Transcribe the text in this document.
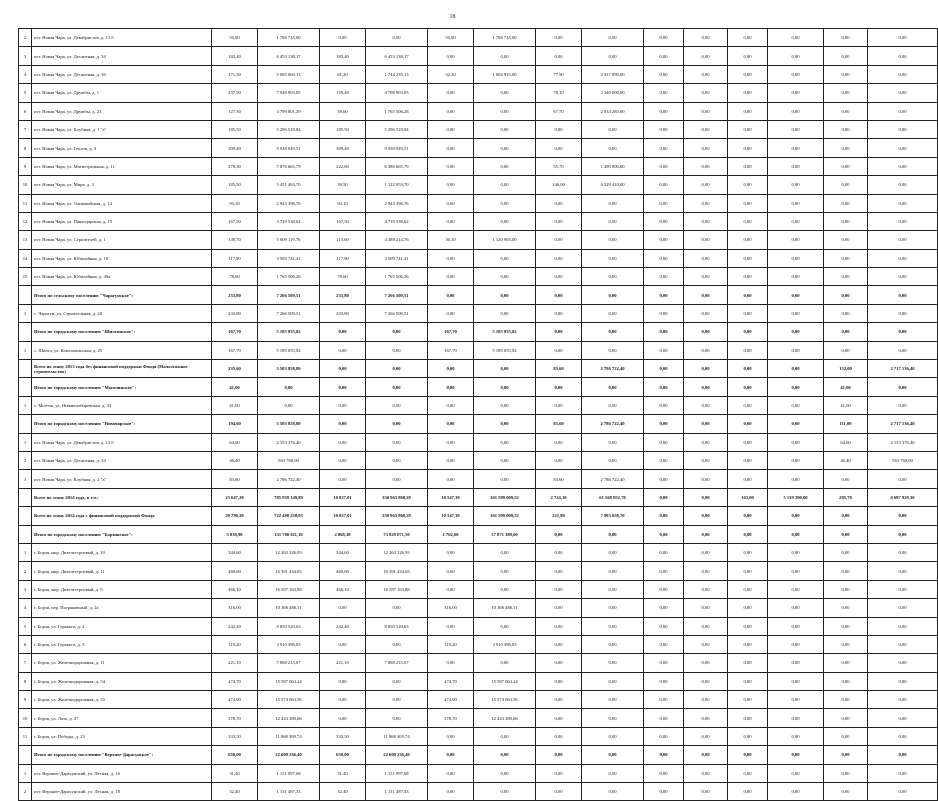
18
2	пгт. Новая Чара, ул. Декабристов, д. 13 б	56,90	1 766 745,00	0,00	0,00	56,90	1 766 745,00	0,00	0,00	0,00	0,00	0,00	0,00	0,00	0,00
3	пгт. Новая Чара, ул. Десантная, д. 34	183,40	6 453 138,17	183,40	6 453 138,17	0,00	0,00	0,00	0,00	0,00	0,00	0,00	0,00	0,00	0,00
4	пгт. Новая Чара, ул. Десантная, д. 36	171,50	5 085 060,13	61,30	1 744 235,13	32,30	1 002 915,00	77,90	2 337 890,00	0,00	0,00	0,00	0,00	0,00	0,00
5	пгт. Новая Чара, ул. Дружбы, д. 1	237,50	7 048 903,05	159,40	4 708 903,05	0,00	0,00	78,10	2 340 000,00	0,00	0,00	0,00	0,00	0,00	0,00
6	пгт. Новая Чара, ул. Дружбы, д. 23	127,30	3 799 801,29	59,60	1 765 506,28	0,00	0,00	67,70	2 034 285,00	0,00	0,00	0,00	0,00	0,00	0,00
7	пгт. Новая Чара, ул. Клубная, д. 1 "а"	185,50	5 296 518,84	185,50	5 296 518,84	0,00	0,00	0,00	0,00	0,00	0,00	0,00	0,00	0,00	0,00
8	пгт. Новая Чара, ул. Геолов, д. 3	309,40	9 938 049,51	309,40	9 938 049,51	0,00	0,00	0,00	0,00	0,00	0,00	0,00	0,00	0,00	0,00
9	пгт. Новая Чара, ул. Магистральная, д. 11	278,30	7 876 665,79	222,80	6 386 665,79	0,00	0,00	55,70	1 490 000,00	0,00	0,00	0,00	0,00	0,00	0,00
10	пгт. Новая Чара, ул. Мира, д. 3	185,50	5 451 463,70	39,50	1 122 053,70	0,00	0,00	146,00	4 329 410,00	0,00	0,00	0,00	0,00	0,00	0,00
11	пгт. Новая Чара, ул. Олимпийская, д. 14	93,10	2 943 396,76	93,10	2 943 396,76	0,00	0,00	0,00	0,00	0,00	0,00	0,00	0,00	0,00	0,00
12	пгт. Новая Чара, ул. Павлодарская, д. 15	167,50	4 719 538,62	167,50	4 719 538,62	0,00	0,00	0,00	0,00	0,00	0,00	0,00	0,00	0,00	0,00
13	пгт. Новая Чара, ул. Строителей, д. 1	149,70	5 609 119,76	113,60	4 488 214,76	36,10	1 120 905,00	0,00	0,00	0,00	0,00	0,00	0,00	0,00	0,00
14	пгт. Новая Чара, ул. Юбилейная, д. 18	117,90	3 509 741,41	117,90	3 509 741,41	0,00	0,00	0,00	0,00	0,00	0,00	0,00	0,00	0,00	0,00
15	пгт. Новая Чара, ул. Юбилейная, д. 39а	78,60	1 765 506,26	78,60	1 765 506,26	0,00	0,00	0,00	0,00	0,00	0,00	0,00	0,00	0,00	0,00
	Итого по сельскому поселению "Чарагунское":	233,80	7 266 509,51	233,80	7 266 509,51	0,00	0,00	0,00	0,00	0,00	0,00	0,00	0,00	0,00	0,00
1	с. Чарагун, ул. Строительная, д. 20	233,80	7 266 509,51	233,80	7 266 509,51	0,00	0,00	0,00	0,00	0,00	0,00	0,00	0,00	0,00	0,00
	Итого по городскому поселению "Шилгинское":	167,70	5 185 055,02	0,00	0,00	167,70	5 185 055,02	0,00	0,00	0,00	0,00	0,00	0,00	0,00	0,00
1	с. Шилга, ул. Комсомольская, д. 25	167,70	5 185 055,02	0,00	0,00	167,70	5 185 055,02	0,00	0,00	0,00	0,00	0,00	0,00	0,00	0,00
	Всего по этапу 2013 года без финансовой поддержки Фонда (Малоэтажное строительство)	235,60	5 503 858,80	0,00	0,00	0,00	0,00	83,60	2 786 722,40	0,00	0,00	0,00	0,00	152,00	2 717 136,40
	Итого по городскому поселению "Могочинское":	41,00	0,00	0,00	0,00	0,00	0,00	0,00	0,00	0,00	0,00	0,00	0,00	41,00	0,00
1	с. Могоча, ул. Нижнеилбиревская, д. 33	41,00	0,00	0,00	0,00	0,00	0,00	0,00	0,00	0,00	0,00	0,00	0,00	41,00	0,00
	Итого по городскому поселению "Новочарское":	194,60	5 503 858,80	0,00	0,00	0,00	0,00	83,60	2 786 722,40	0,00	0,00	0,00	0,00	111,00	2 717 136,40
1	пгт. Новая Чара, ул. Декабристов, д. 13 б	64,60	2 153 376,40	0,00	0,00	0,00	0,00	0,00	0,00	0,00	0,00	0,00	0,00	64,60	2 153 376,40
2	пгт. Новая Чара, ул. Десантная, д. 34	46,40	563 760,00	0,00	0,00	0,00	0,00	0,00	0,00	0,00	0,00	0,00	0,00	46,40	563 760,00
3	пгт. Новая Чара, ул. Клубная, д. 2 "а"	83,60	2 786 722,40	0,00	0,00	0,00	0,00	83,60	2 786 722,40	0,00	0,00	0,00	0,00	0,00	0,00
	Всего по этапу 2014 года, в т.ч.:	23 647,20	785 939 149,89	10 027,01	350 963 868,29	10 547,39	361 599 009,52	2 724,10	61 568 952,78	0,00	0,00	163,00	5 139 390,00	285,70	6 687 929,30
	Всего по этапу 2014 года с финансовой поддержкой Фонда	20 796,20	722 490 238,03	10 027,01	350 963 868,29	10 547,39	361 599 009,52	221,80	7 893 658,70	0,00	0,00	0,00	0,00	0,00	0,00
	Итого по городскому поселению "Борзинское":	3 830,90	131 700 611,10	2 068,30	73 829 071,50	1 762,60	57 871 389,60	0,00	0,00	0,00	0,00	0,00	0,00	0,00	0,00
1	г. Борзя, мкр. Дизелестроевый, д. 10	344,60	12 263 326,93	344,60	12 263 326,93	0,00	0,00	0,00	0,00	0,00	0,00	0,00	0,00	0,00	0,00
2	г. Борзя, мкр. Дизелестроевый, д. 11	460,60	16 391 434,65	460,60	16 391 434,65	0,00	0,00	0,00	0,00	0,00	0,00	0,00	0,00	0,00	0,00
3	г. Борзя, мкр. Дизелестроевый, д. 9	466,10	16 587 163,88	466,10	16 587 163,88	0,00	0,00	0,00	0,00	0,00	0,00	0,00	0,00	0,00	0,00
4	г. Борзя, пер. Пограничный, д. 2а	316,00	10 366 486,11	0,00	0,00	316,00	10 366 486,11	0,00	0,00	0,00	0,00	0,00	0,00	0,00	0,00
5	г. Борзя, ул. Горького, д. 2	242,40	8 850 520,63	242,40	8 850 520,63	0,00	0,00	0,00	0,00	0,00	0,00	0,00	0,00	0,00	0,00
6	г. Борзя, ул. Горького, д. 5	119,20	3 910 396,03	0,00	0,00	119,20	3 910 396,03	0,00	0,00	0,00	0,00	0,00	0,00	0,00	0,00
7	г. Борзя, ул. Железнодорожная, д. 11	221,10	7 868 215,67	221,10	7 868 215,67	0,00	0,00	0,00	0,00	0,00	0,00	0,00	0,00	0,00	0,00
8	г. Борзя, ул. Железнодорожная, д. 54	474,70	15 597 063,24	0,00	0,00	474,70	15 597 063,24	0,00	0,00	0,00	0,00	0,00	0,00	0,00	0,00
9	г. Борзя, ул. Железнодорожная, д. 55	474,00	15 574 063,56	0,00	0,00	474,00	15 574 063,56	0,00	0,00	0,00	0,00	0,00	0,00	0,00	0,00
10	г. Борзя, ул. Лазо, д. 47	378,70	12 423 380,66	0,00	0,00	378,70	12 423 380,66	0,00	0,00	0,00	0,00	0,00	0,00	0,00	0,00
11	г. Борзя, ул. Победы, д. 23	333,50	11 868 309,74	333,50	11 868 309,74	0,00	0,00	0,00	0,00	0,00	0,00	0,00	0,00	0,00	0,00
	Итого по городскому поселению "Верхнее-Дарасунское":	650,00	22 609 236,40	650,00	22 609 236,40	0,00	0,00	0,00	0,00	0,00	0,00	0,00	0,00	0,00	0,00
1	пгт. Верхнее-Дарасунский, ул. Лесная, д. 16	31,40	1 151 997,68	31,40	1 151 997,68	0,00	0,00	0,00	0,00	0,00	0,00	0,00	0,00	0,00	0,00
2	пгт. Верхнее-Дарасунский, ул. Лесная, д. 18	32,40	1 131 487,33	32,40	1 131 487,33	0,00	0,00	0,00	0,00	0,00	0,00	0,00	0,00	0,00	0,00
